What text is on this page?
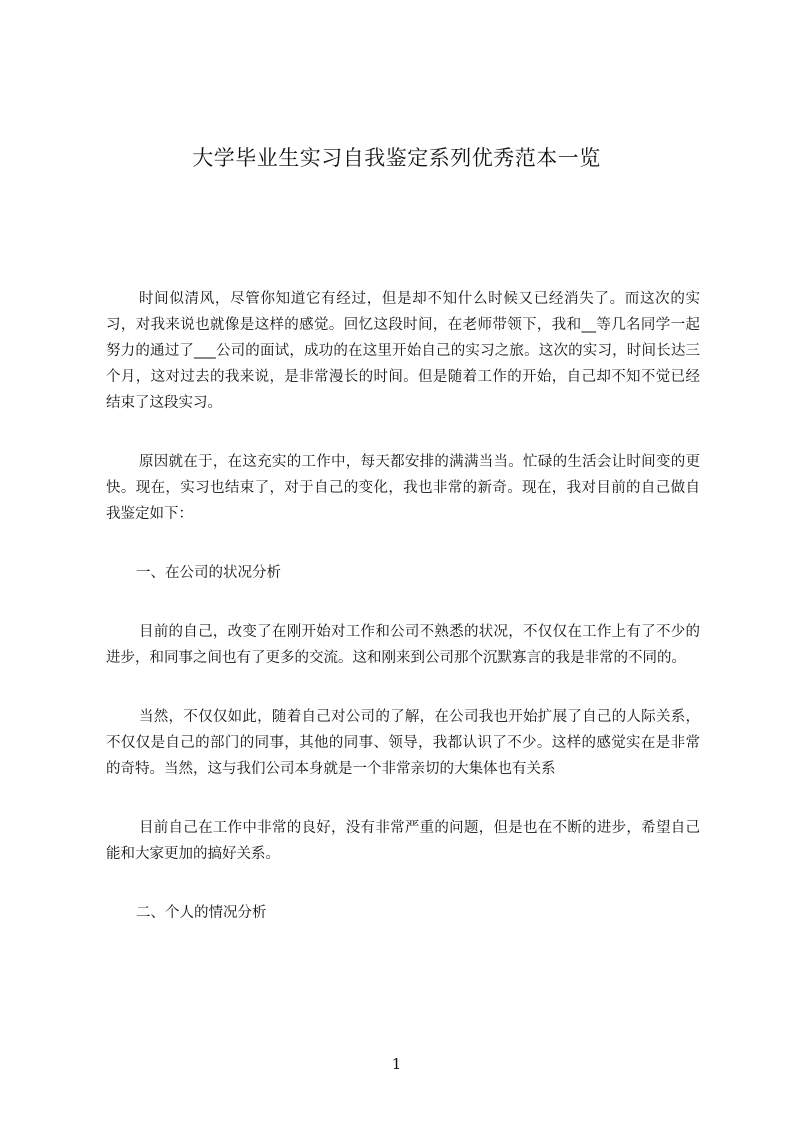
大学毕业生实习自我鉴定系列优秀范本一览

时间似清风，尽管你知道它有经过，但是却不知什么时候又已经消失了。而这次的实习，对我来说也就像是这样的感觉。回忆这段时间，在老师带领下，我和__等几名同学一起努力的通过了___公司的面试，成功的在这里开始自己的实习之旅。这次的实习，时间长达三个月，这对过去的我来说，是非常漫长的时间。但是随着工作的开始，自己却不知不觉已经结束了这段实习。

原因就在于，在这充实的工作中，每天都安排的满满当当。忙碌的生活会让时间变的更快。现在，实习也结束了，对于自己的变化，我也非常的新奇。现在，我对目前的自己做自我鉴定如下：

一、在公司的状况分析

目前的自己，改变了在刚开始对工作和公司不熟悉的状况，不仅仅在工作上有了不少的进步，和同事之间也有了更多的交流。这和刚来到公司那个沉默寡言的我是非常的不同的。

当然，不仅仅如此，随着自己对公司的了解，在公司我也开始扩展了自己的人际关系，不仅仅是自己的部门的同事，其他的同事、领导，我都认识了不少。这样的感觉实在是非常的奇特。当然，这与我们公司本身就是一个非常亲切的大集体也有关系

目前自己在工作中非常的良好，没有非常严重的问题，但是也在不断的进步，希望自己能和大家更加的搞好关系。

二、个人的情况分析

1
